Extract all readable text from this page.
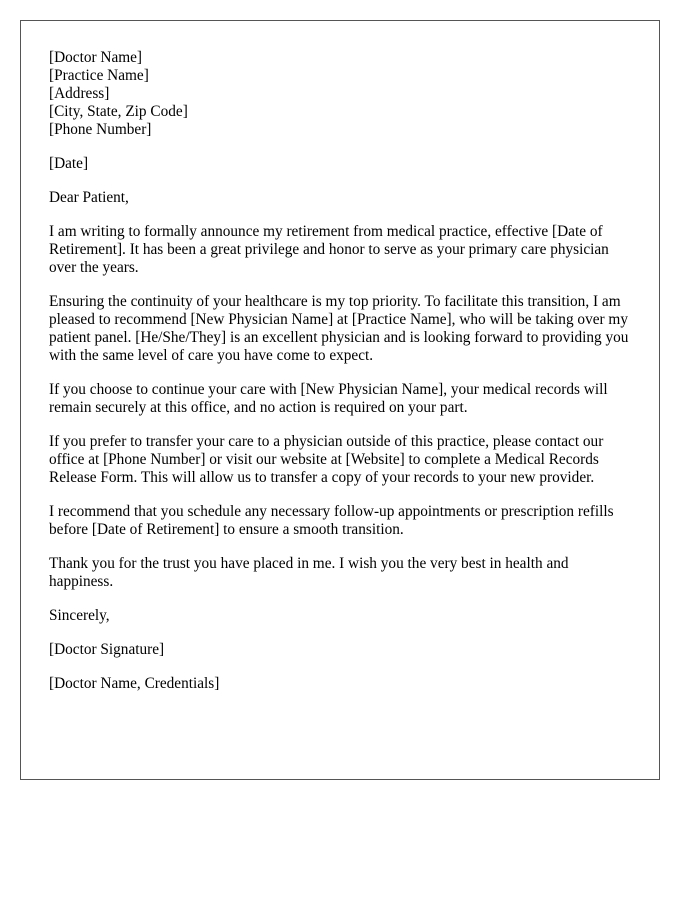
[Doctor Name]

[Practice Name]

[Address]

[City, State, Zip Code]

[Phone Number]

[Date]

Dear Patient,

I am writing to formally announce my retirement from medical practice, effective [Date of Retirement]. It has been a great privilege and honor to serve as your primary care physician over the years.

Ensuring the continuity of your healthcare is my top priority. To facilitate this transition, I am pleased to recommend [New Physician Name] at [Practice Name], who will be taking over my patient panel. [He/She/They] is an excellent physician and is looking forward to providing you with the same level of care you have come to expect.

If you choose to continue your care with [New Physician Name], your medical records will remain securely at this office, and no action is required on your part.

If you prefer to transfer your care to a physician outside of this practice, please contact our office at [Phone Number] or visit our website at [Website] to complete a Medical Records Release Form. This will allow us to transfer a copy of your records to your new provider.

I recommend that you schedule any necessary follow-up appointments or prescription refills before [Date of Retirement] to ensure a smooth transition.

Thank you for the trust you have placed in me. I wish you the very best in health and happiness.

Sincerely,

[Doctor Signature]

[Doctor Name, Credentials]
